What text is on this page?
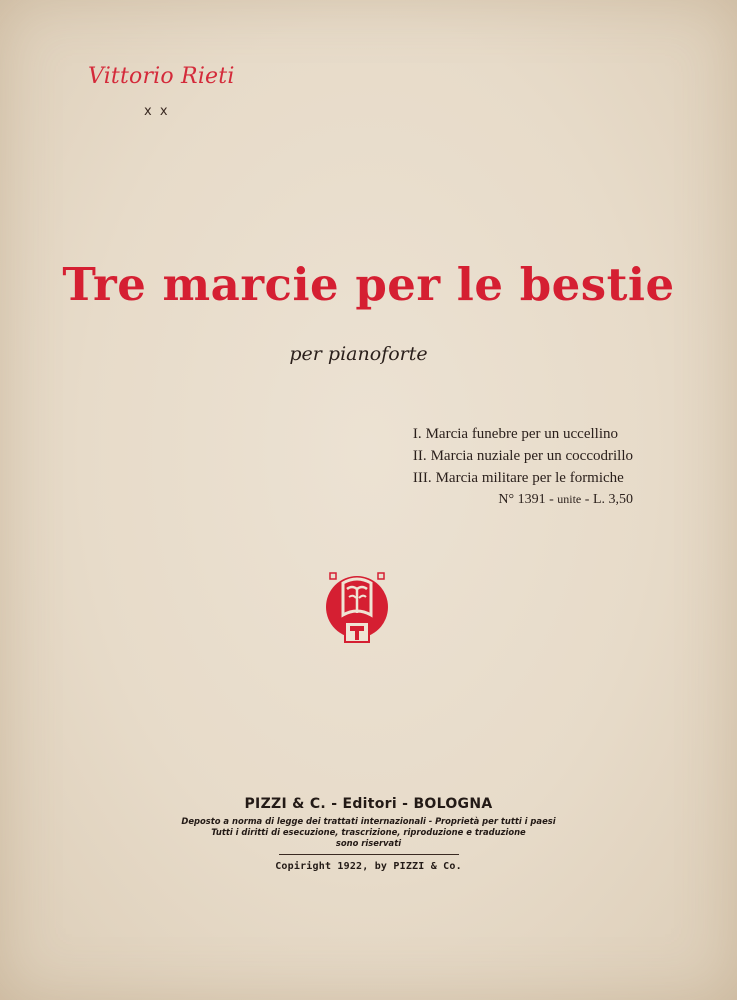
Vittorio Rieti
x x
Tre marcie per le bestie
per pianoforte
I. Marcia funebre per un uccellino
II. Marcia nuziale per un coccodrillo
III. Marcia militare per le formiche
N° 1391 - unite - L. 3,50

PIZZI & C. - Editori - BOLOGNA

Deposto a norma di legge dei trattati internazionali - Proprietà per tutti i paesi

Tutti i diritti di esecuzione, trascrizione, riproduzione e traduzione

sono riservati

Copiright 1922, by PIZZI & Co.
